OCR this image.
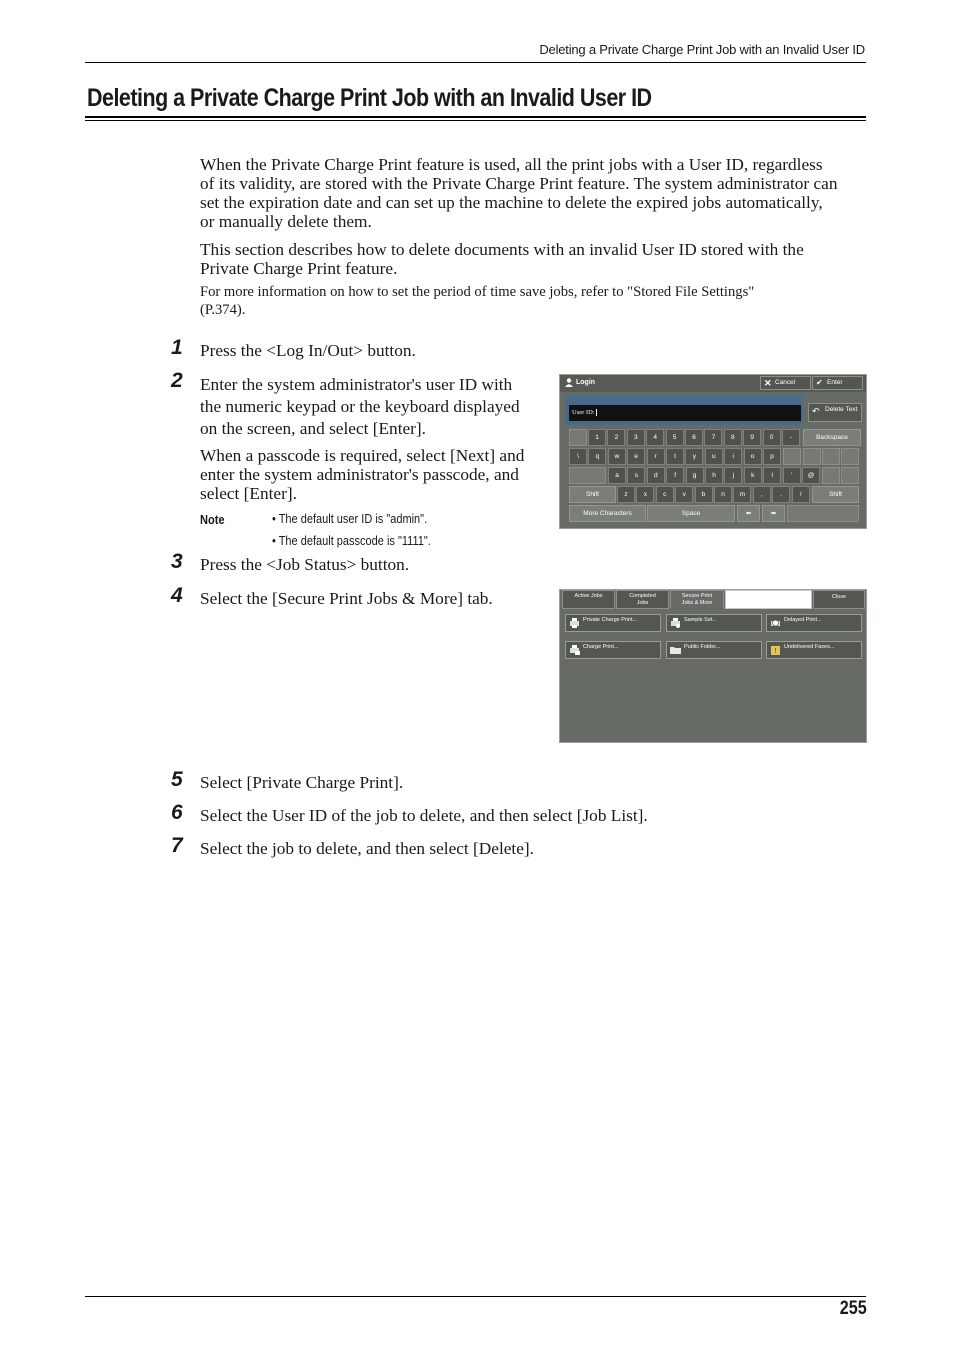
Deleting a Private Charge Print Job with an Invalid User ID
Deleting a Private Charge Print Job with an Invalid User ID
When the Private Charge Print feature is used, all the print jobs with a User ID, regardless
of its validity, are stored with the Private Charge Print feature. The system administrator can
set the expiration date and can set up the machine to delete the expired jobs automatically,
or manually delete them.
This section describes how to delete documents with an invalid User ID stored with the
Private Charge Print feature.
For more information on how to set the period of time save jobs, refer to "Stored File Settings"
(P.374).
1 Press the <Log In/Out> button.
2 Enter the system administrator's user ID with
the numeric keypad or the keyboard displayed
on the screen, and select [Enter].
When a passcode is required, select [Next] and
enter the system administrator's passcode, and
select [Enter].
Note	• The default user ID is "admin".
• The default passcode is "1111".
3 Press the <Job Status> button.
4 Select the [Secure Print Jobs & More] tab.
5 Select [Private Charge Print].
6 Select the User ID of the job to delete, and then select [Job List].
7 Select the job to delete, and then select [Delete].
Login	✕ Cancel	✔ Enter
User ID:	↶ Delete Text
1	2	3	4	5	6	7	8	9	0	-	Backspace
\	q	w	e	r	t	y	u	i	o	p
a	s	d	f	g	h	j	k	l	'	@
Shift	z	x	c	v	b	n	m	,	.	/	Shift
More Characters	Space	⬅	➡
Active Jobs	Completed
Jobs
Secure Print
Jobs & More
Close
Private Charge Print...	Sample Set...	Delayed Print...
Charge Print...	Public Folder...
!
Undelivered Faxes...
255
